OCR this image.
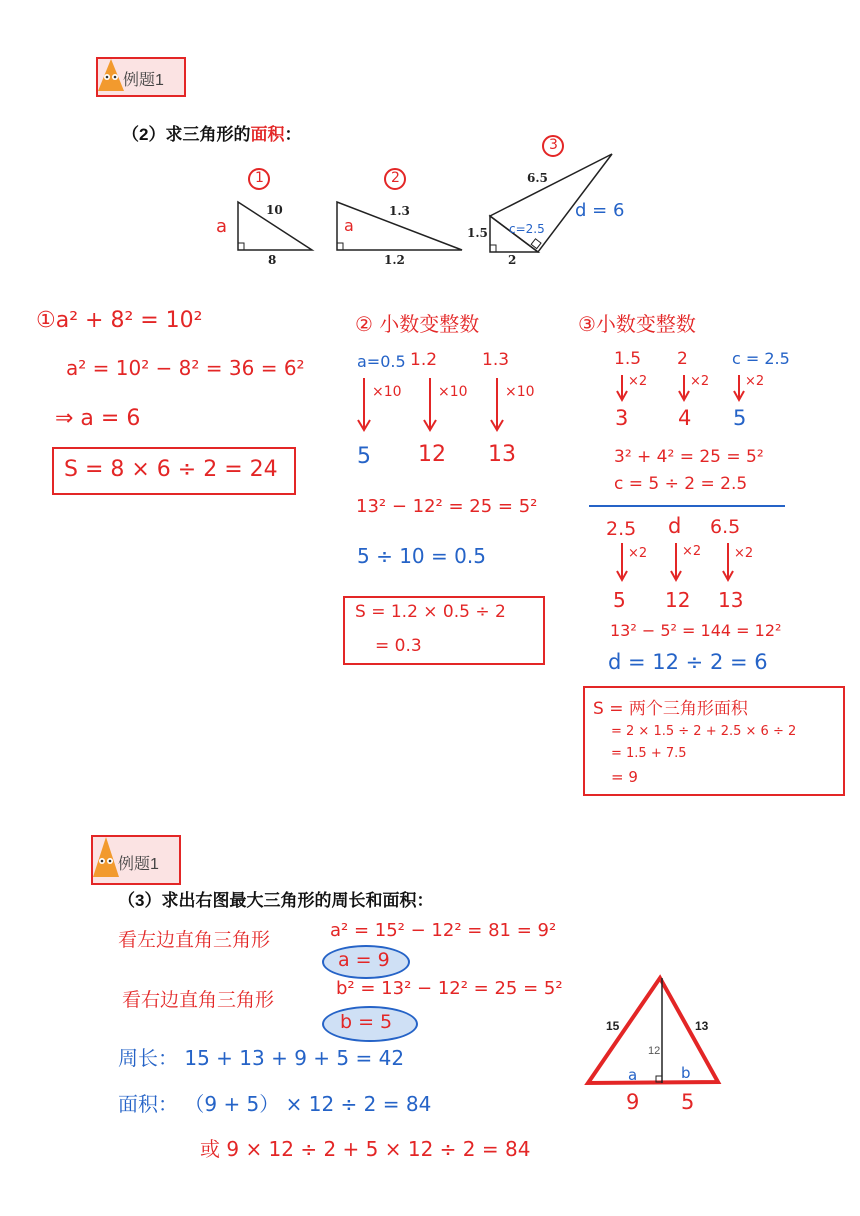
例题1
（2）求三角形的面积：
1	2
3
a
10
8
a
1.3
1.2
6.5
1.5
2
c=2.5
d = 6
①a² + 8² = 10²
a² = 10² − 8² = 36 = 6²
⇒ a = 6
S = 8 × 6 ÷ 2 = 24
② 小数变整数
a=0.5 1.2	1.3
×10	×10	×10
5 12 13
13² − 12² = 25 = 5²
5 ÷ 10 = 0.5
S = 1.2 × 0.5 ÷ 2
= 0.3
③小数变整数
1.5 2	c = 2.5
×2	×2	×2
3 4 5
3² + 4² = 25 = 5²
c = 5 ÷ 2 = 2.5
2.5 d 6.5
×2	×2	×2
5 12 13
13² − 5² = 144 = 12²
d = 12 ÷ 2 = 6
S = 两个三角形面积
= 2 × 1.5 ÷ 2 + 2.5 × 6 ÷ 2
= 1.5 + 7.5
= 9
例题1
（3）求出右图最大三角形的周长和面积：
看左边直角三角形	a² = 15² − 12² = 81 = 9²
a = 9
看右边直角三角形
b² = 13² − 12² = 25 = 5²
b = 5
周长： 15 + 13 + 9 + 5 = 42
面积： （9 + 5） × 12 ÷ 2 = 84
或 9 × 12 ÷ 2 + 5 × 12 ÷ 2 = 84
15	13
12
a	b
9 5
